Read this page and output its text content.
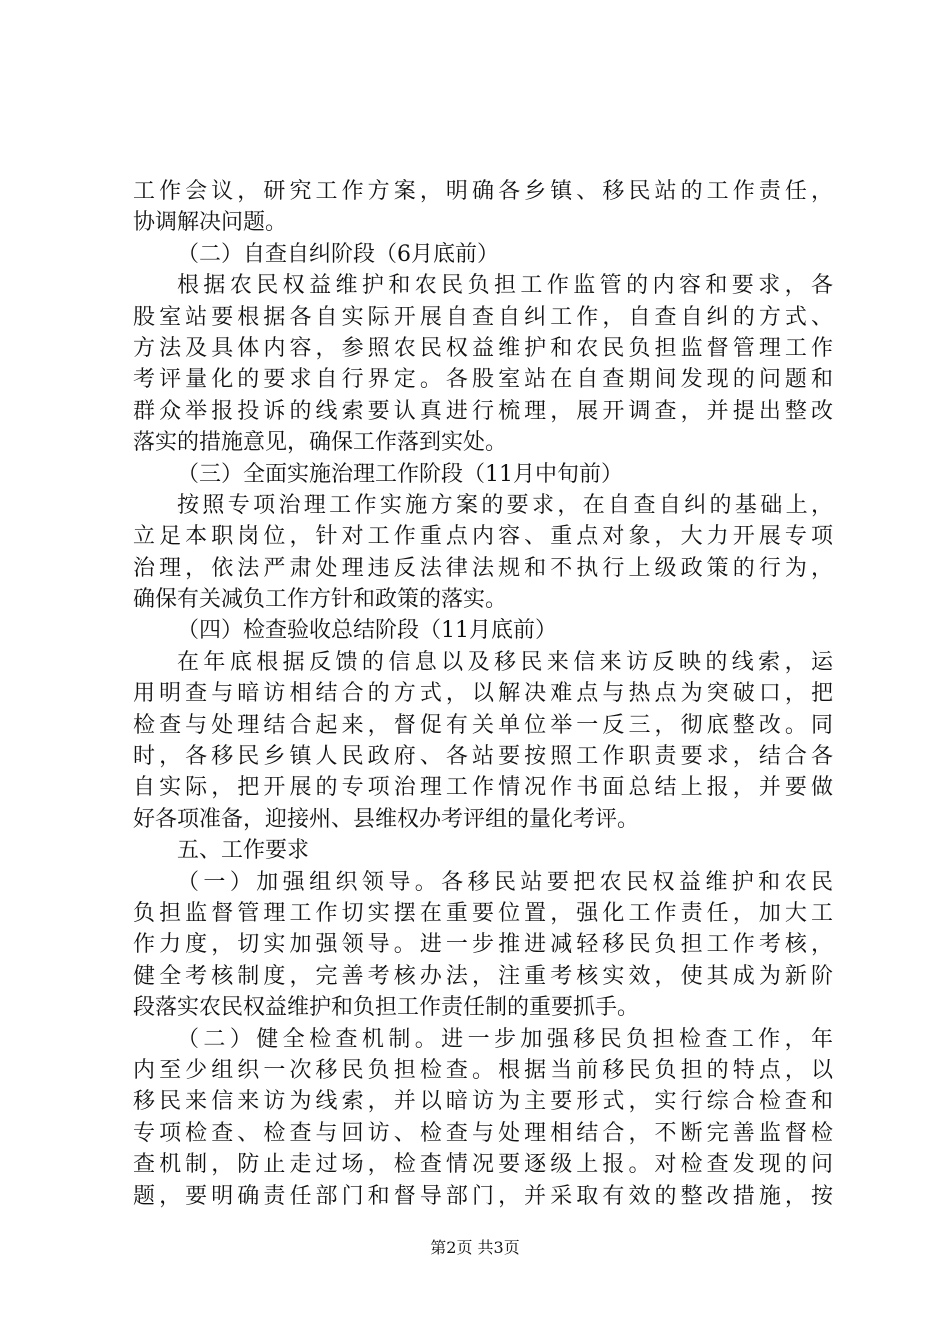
工作会议，研究工作方案，明确各乡镇、移民站的工作责任，
协调解决问题。
（二）自查自纠阶段（6月底前）
根据农民权益维护和农民负担工作监管的内容和要求，各
股室站要根据各自实际开展自查自纠工作，自查自纠的方式、
方法及具体内容，参照农民权益维护和农民负担监督管理工作
考评量化的要求自行界定。各股室站在自查期间发现的问题和
群众举报投诉的线索要认真进行梳理，展开调查，并提出整改
落实的措施意见，确保工作落到实处。
（三）全面实施治理工作阶段（11月中旬前）
按照专项治理工作实施方案的要求，在自查自纠的基础上，
立足本职岗位，针对工作重点内容、重点对象，大力开展专项
治理，依法严肃处理违反法律法规和不执行上级政策的行为，
确保有关减负工作方针和政策的落实。
（四）检查验收总结阶段（11月底前）
在年底根据反馈的信息以及移民来信来访反映的线索，运
用明查与暗访相结合的方式，以解决难点与热点为突破口，把
检查与处理结合起来，督促有关单位举一反三，彻底整改。同
时，各移民乡镇人民政府、各站要按照工作职责要求，结合各
自实际，把开展的专项治理工作情况作书面总结上报，并要做
好各项准备，迎接州、县维权办考评组的量化考评。
五、工作要求
（一）加强组织领导。各移民站要把农民权益维护和农民
负担监督管理工作切实摆在重要位置，强化工作责任，加大工
作力度，切实加强领导。进一步推进减轻移民负担工作考核，
健全考核制度，完善考核办法，注重考核实效，使其成为新阶
段落实农民权益维护和负担工作责任制的重要抓手。
（二）健全检查机制。进一步加强移民负担检查工作，年
内至少组织一次移民负担检查。根据当前移民负担的特点，以
移民来信来访为线索，并以暗访为主要形式，实行综合检查和
专项检查、检查与回访、检查与处理相结合，不断完善监督检
查机制，防止走过场，检查情况要逐级上报。对检查发现的问
题，要明确责任部门和督导部门，并采取有效的整改措施，按
第2页 共3页
